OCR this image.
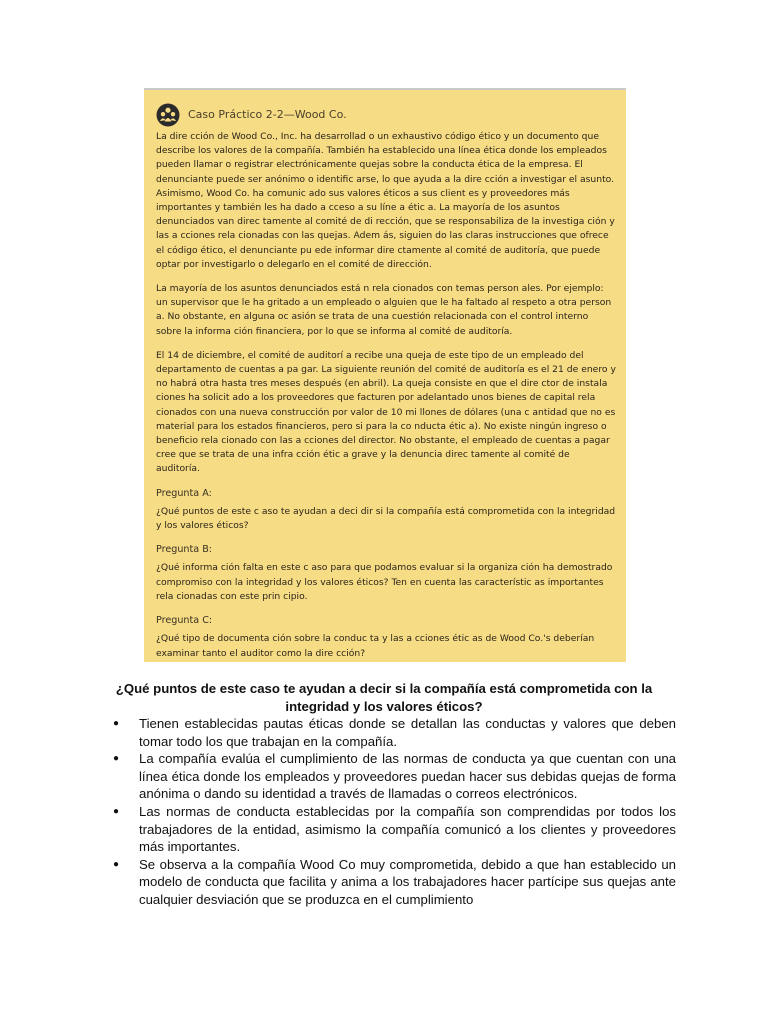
Caso Práctico 2-2—Wood Co.

La dire cción de Wood Co., Inc. ha desarrollad o un exhaustivo código ético y un documento que describe los valores de la compañía. También ha establecido una línea ética donde los empleados pueden llamar o registrar electrónicamente quejas sobre la conducta ética de la empresa. El denunciante puede ser anónimo o identific arse, lo que ayuda a la dire cción a investigar el asunto. Asimismo, Wood Co. ha comunic ado sus valores éticos a sus client es y proveedores más importantes y también les ha dado a cceso a su líne a étic a. La mayoría de los asuntos denunciados van direc tamente al comité de di rección, que se responsabiliza de la investiga ción y las a cciones rela cionadas con las quejas. Adem ás, siguien do las claras instrucciones que ofrece el código ético, el denunciante pu ede informar dire ctamente al comité de auditoría, que puede optar por investigarlo o delegarlo en el comité de dirección.

La mayoría de los asuntos denunciados está n rela cionados con temas person ales. Por ejemplo: un supervisor que le ha gritado a un empleado o alguien que le ha faltado al respeto a otra person a. No obstante, en alguna oc asión se trata de una cuestión relacionada con el control interno sobre la informa ción financiera, por lo que se informa al comité de auditoría.

El 14 de diciembre, el comité de auditorí a recibe una queja de este tipo de un empleado del departamento de cuentas a pa gar. La siguiente reunión del comité de auditoría es el 21 de enero y no habrá otra hasta tres meses después (en abril). La queja consiste en que el dire ctor de instala ciones ha solicit ado a los proveedores que facturen por adelantado unos bienes de capital rela cionados con una nueva construcción por valor de 10 mi llones de dólares (una c antidad que no es material para los estados financieros, pero si para la co nducta étic a). No existe ningún ingreso o beneficio rela cionado con las a cciones del director. No obstante, el empleado de cuentas a pagar cree que se trata de una infra cción étic a grave y la denuncia direc tamente al comité de auditoría.

Pregunta A:

¿Qué puntos de este c aso te ayudan a deci dir si la compañía está comprometida con la integridad y los valores éticos?

Pregunta B:

¿Qué informa ción falta en este c aso para que podamos evaluar si la organiza ción ha demostrado compromiso con la integridad y los valores éticos? Ten en cuenta las característic as importantes rela cionadas con este prin cipio.

Pregunta C:

¿Qué tipo de documenta ción sobre la conduc ta y las a cciones étic as de Wood Co.'s deberían examinar tanto el auditor como la dire cción?

¿Qué puntos de este caso te ayudan a decir si la compañía está comprometida con la integridad y los valores éticos?

● Tienen establecidas pautas éticas donde se detallan las conductas y valores que deben tomar todo los que trabajan en la compañía.
● La compañía evalúa el cumplimiento de las normas de conducta ya que cuentan con una línea ética donde los empleados y proveedores puedan hacer sus debidas quejas de forma anónima o dando su identidad a través de llamadas o correos electrónicos.
● Las normas de conducta establecidas por la compañía son comprendidas por todos los trabajadores de la entidad, asimismo la compañía comunicó a los clientes y proveedores más importantes.
● Se observa a la compañía Wood Co muy comprometida, debido a que han establecido un modelo de conducta que facilita y anima a los trabajadores hacer partícipe sus quejas ante cualquier desviación que se produzca en el cumplimiento
